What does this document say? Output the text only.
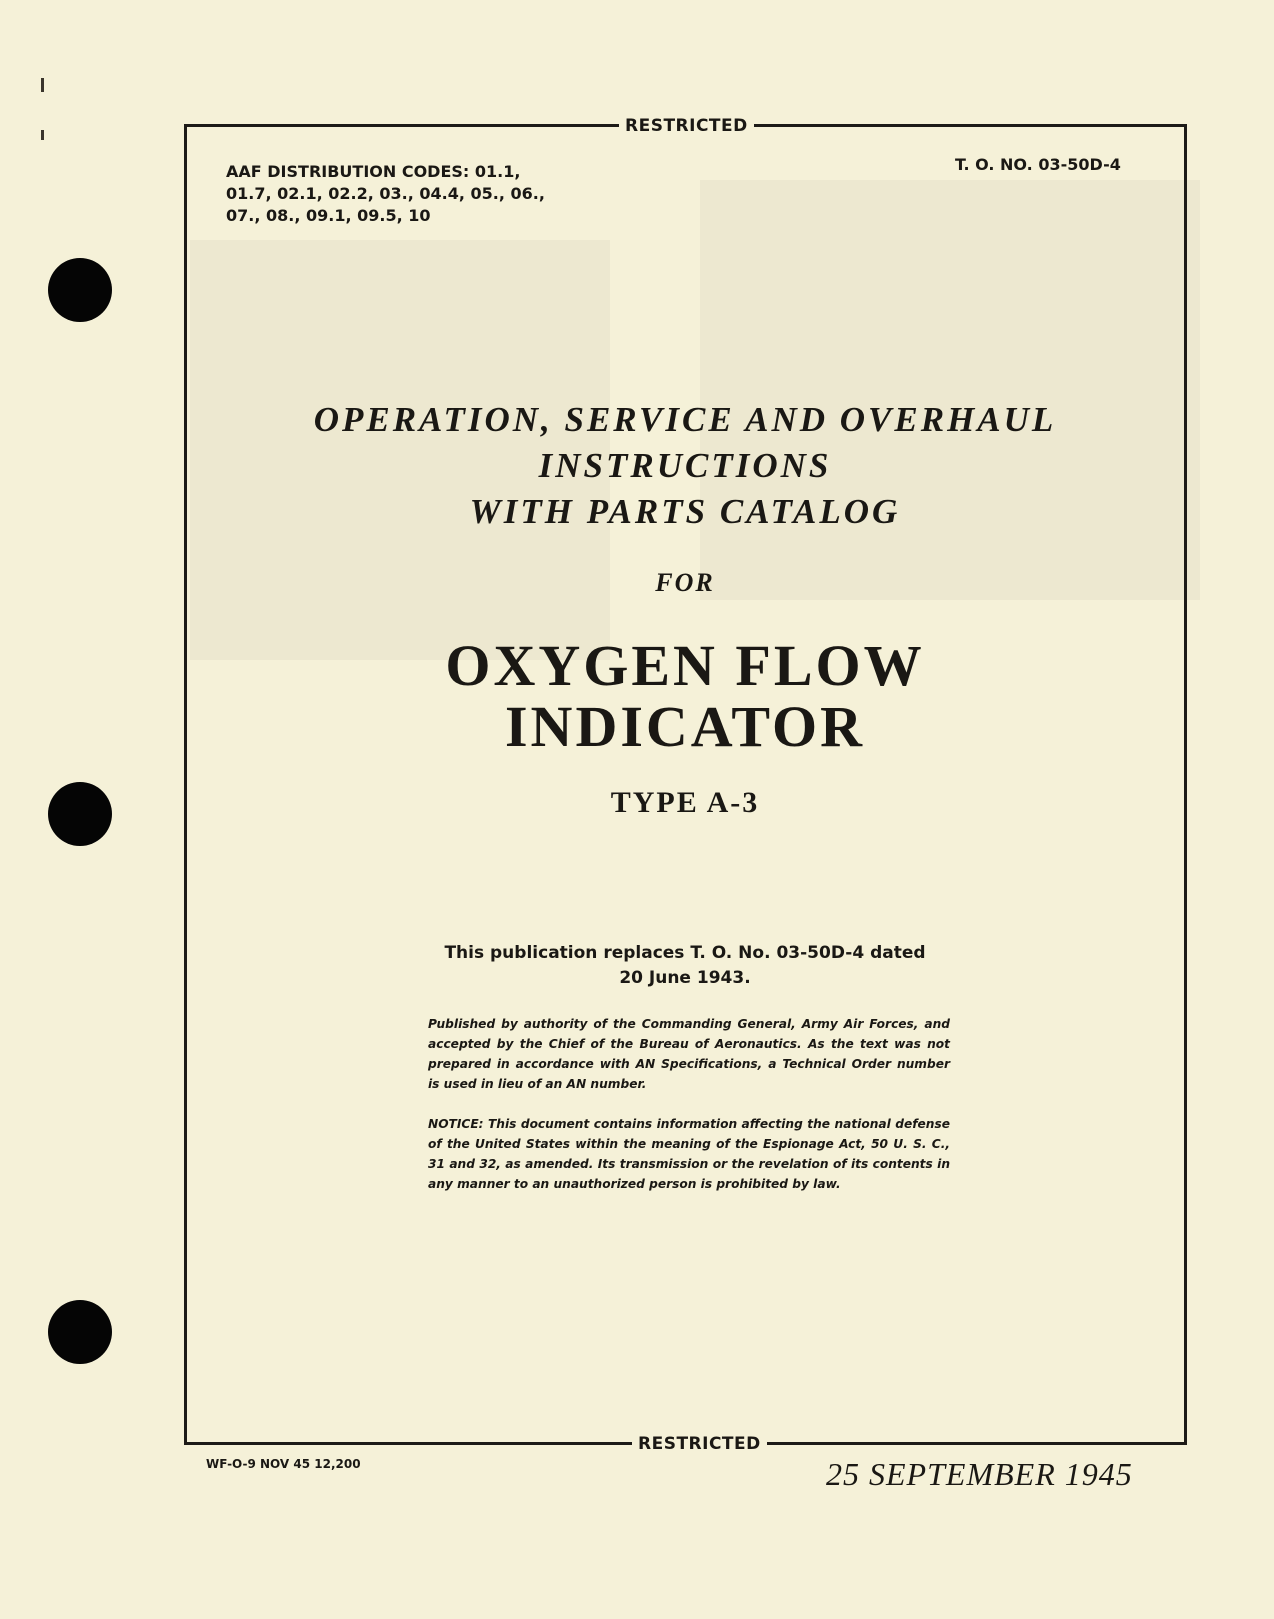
RESTRICTED
RESTRICTED
AAF DISTRIBUTION CODES: 01.1,
01.7, 02.1, 02.2, 03., 04.4, 05., 06.,
07., 08., 09.1, 09.5, 10
T. O. NO. 03-50D-4
OPERATION, SERVICE AND OVERHAUL
INSTRUCTIONS
WITH PARTS CATALOG
FOR
OXYGEN FLOW
INDICATOR
TYPE A-3
This publication replaces T. O. No. 03-50D-4 dated
20 June 1943.
Published by authority of the Commanding General, Army Air Forces, and accepted by the Chief of the Bureau of Aeronautics. As the text was not prepared in accordance with AN Specifications, a Technical Order number is used in lieu of an AN number.
NOTICE: This document contains information affecting the national defense of the United States within the meaning of the Espionage Act, 50 U. S. C., 31 and 32, as amended. Its transmission or the revelation of its contents in any manner to an unauthorized person is prohibited by law.
WF-O-9 NOV 45 12,200	25 SEPTEMBER 1945
